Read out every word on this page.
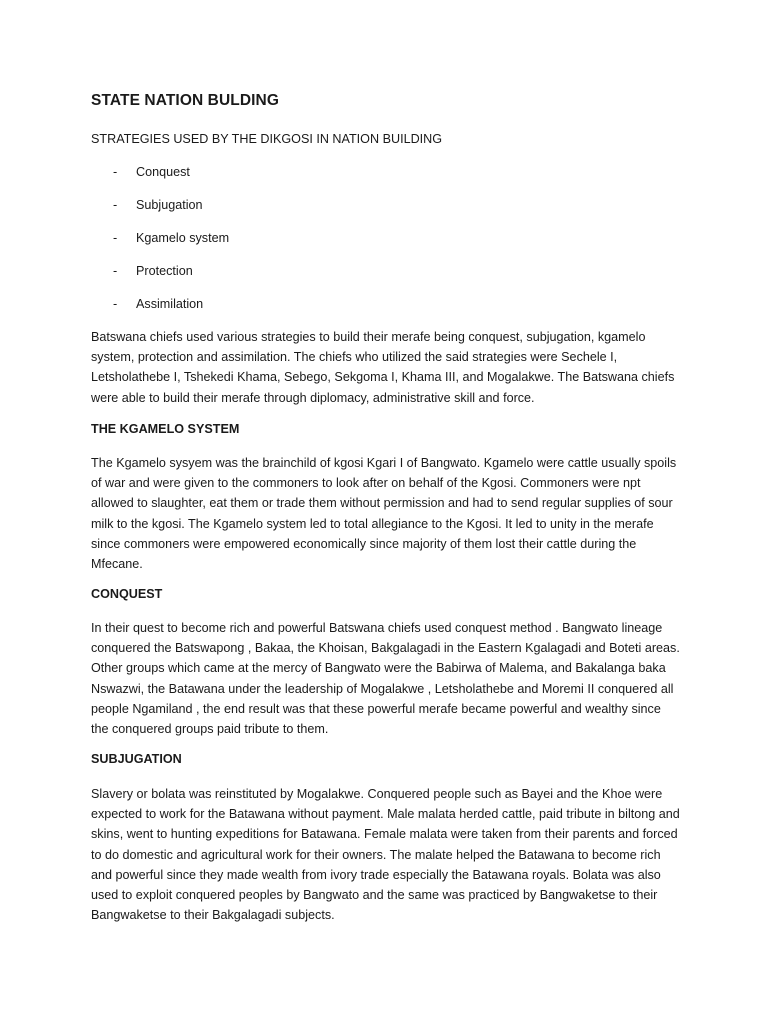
STATE NATION BULDING

STRATEGIES USED BY THE DIKGOSI IN NATION BUILDING

- Conquest
- Subjugation
- Kgamelo system
- Protection
- Assimilation

Batswana chiefs used various strategies to build their merafe being conquest, subjugation, kgamelo system, protection and assimilation. The chiefs who utilized the said strategies were Sechele I, Letsholathebe I, Tshekedi Khama, Sebego, Sekgoma I, Khama III, and Mogalakwe. The Batswana chiefs were able to build their merafe through diplomacy, administrative skill and force.

THE KGAMELO SYSTEM

The Kgamelo sysyem was the brainchild of kgosi Kgari I of Bangwato. Kgamelo were cattle usually spoils of war and were given to the commoners to look after on behalf of the Kgosi. Commoners were npt allowed to slaughter, eat them or trade them without permission and had to send regular supplies of sour milk to the kgosi. The Kgamelo system led to total allegiance to the Kgosi. It led to unity in the merafe since commoners were empowered economically since majority of them lost their cattle during the Mfecane.

CONQUEST

In their quest to become rich and powerful Batswana chiefs used conquest method . Bangwato lineage conquered the Batswapong , Bakaa, the Khoisan, Bakgalagadi in the Eastern Kgalagadi and Boteti areas. Other groups which came at the mercy of Bangwato were the Babirwa of Malema, and Bakalanga baka Nswazwi, the Batawana under the leadership of Mogalakwe , Letsholathebe and Moremi II conquered all people Ngamiland , the end result was that these powerful merafe became powerful and wealthy since the conquered groups paid tribute to them.

SUBJUGATION

Slavery or bolata was reinstituted by Mogalakwe. Conquered people such as Bayei and the Khoe were expected to work for the Batawana without payment. Male malata herded cattle, paid tribute in biltong and skins, went to hunting expeditions for Batawana. Female malata were taken from their parents and forced to do domestic and agricultural work for their owners. The malate helped the Batawana to become rich and powerful since they made wealth from ivory trade especially the Batawana royals. Bolata was also used to exploit conquered peoples by Bangwato and the same was practiced by Bangwaketse to their Bangwaketse to their Bakgalagadi subjects.
